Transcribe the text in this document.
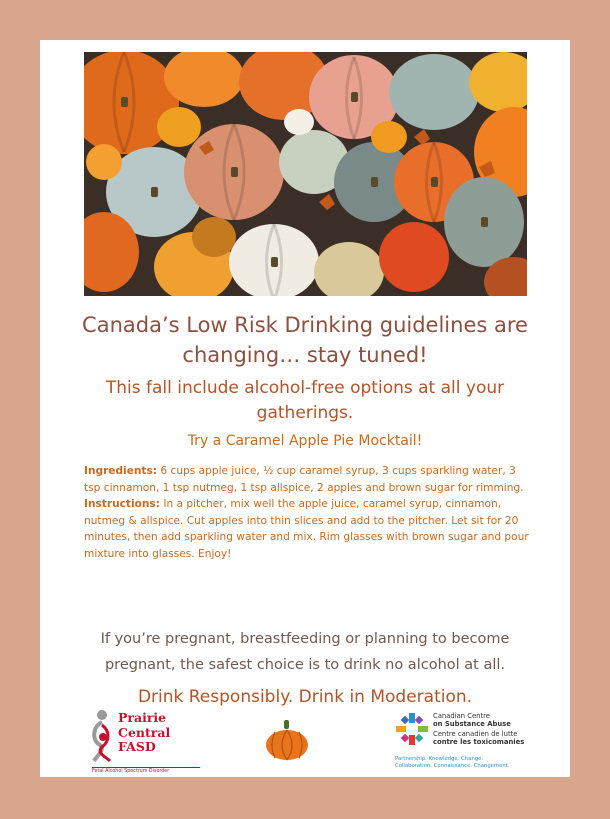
Canada’s Low Risk Drinking guidelines are
changing… stay tuned!
This fall include alcohol-free options at all your
gatherings.
Try a Caramel Apple Pie Mocktail!

Ingredients: 6 cups apple juice, ½ cup caramel syrup, 3 cups sparkling water, 3 tsp cinnamon, 1 tsp nutmeg, 1 tsp allspice, 2 apples and brown sugar for rimming.

Instructions: In a pitcher, mix well the apple juice, caramel syrup, cinnamon, nutmeg & allspice. Cut apples into thin slices and add to the pitcher. Let sit for 20 minutes, then add sparkling water and mix. Rim glasses with brown sugar and pour mixture into glasses. Enjoy!

If you’re pregnant, breastfeeding or planning to become
pregnant, the safest choice is to drink no alcohol at all.
Drink Responsibly. Drink in Moderation.
Prairie
Central
FASD
Fetal Alcohol Spectrum Disorder
Canadian Centre
on Substance Abuse
Centre canadien de lutte
contre les toxicomanies
Partnership. Knowledge. Change.
Collaboration. Connaissance. Changement.
